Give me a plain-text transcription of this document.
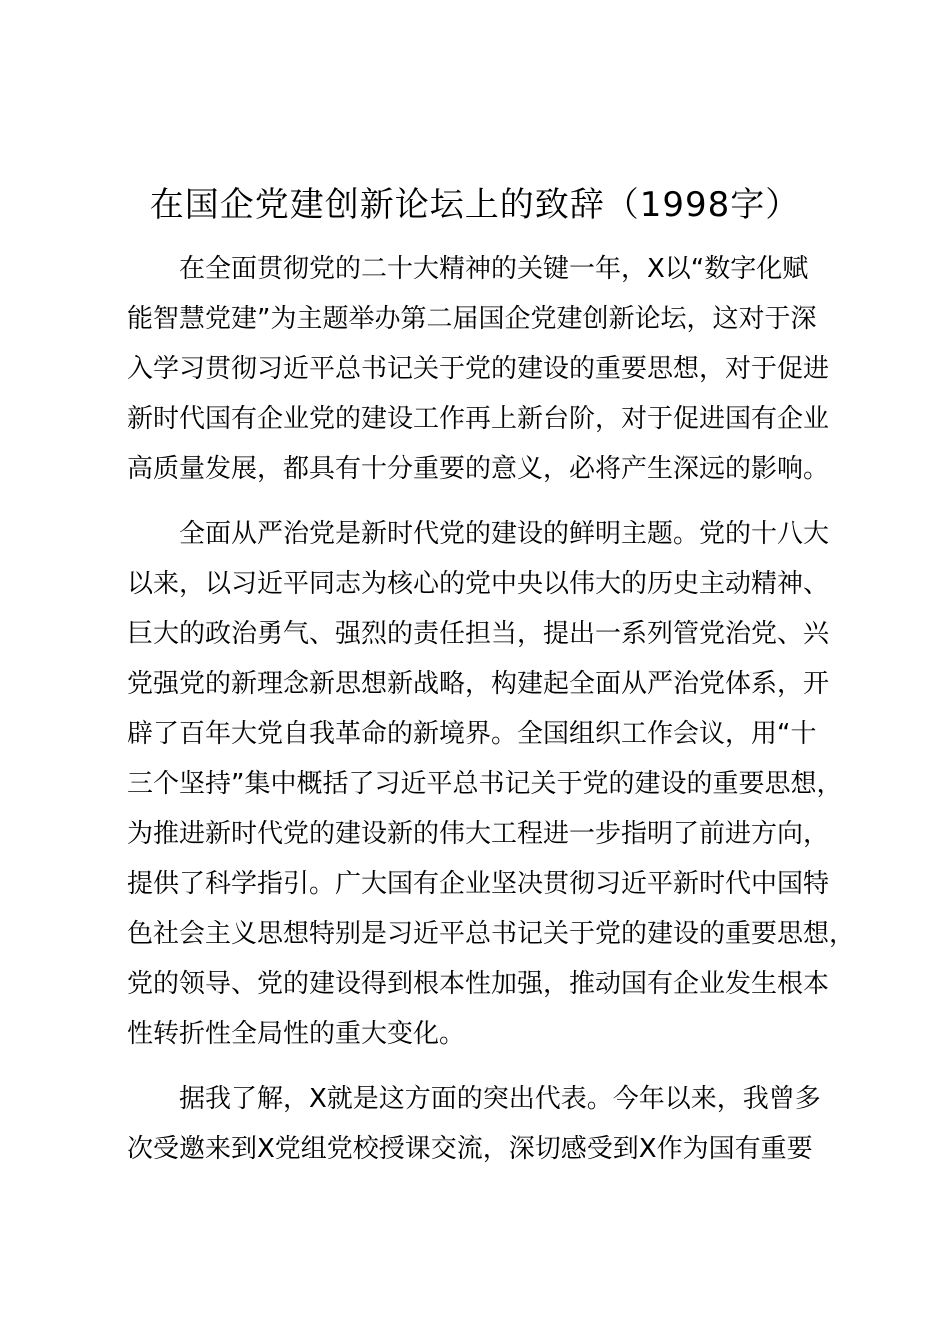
在国企党建创新论坛上的致辞（1998字）

　　在全面贯彻党的二十大精神的关键一年，X以“数字化赋

能智慧党建”为主题举办第二届国企党建创新论坛，这对于深

入学习贯彻习近平总书记关于党的建设的重要思想，对于促进

新时代国有企业党的建设工作再上新台阶，对于促进国有企业

高质量发展，都具有十分重要的意义，必将产生深远的影响。

　　全面从严治党是新时代党的建设的鲜明主题。党的十八大

以来，以习近平同志为核心的党中央以伟大的历史主动精神、

巨大的政治勇气、强烈的责任担当，提出一系列管党治党、兴

党强党的新理念新思想新战略，构建起全面从严治党体系，开

辟了百年大党自我革命的新境界。全国组织工作会议，用“十

三个坚持”集中概括了习近平总书记关于党的建设的重要思想，

为推进新时代党的建设新的伟大工程进一步指明了前进方向，

提供了科学指引。广大国有企业坚决贯彻习近平新时代中国特

色社会主义思想特别是习近平总书记关于党的建设的重要思想，

党的领导、党的建设得到根本性加强，推动国有企业发生根本

性转折性全局性的重大变化。

　　据我了解，X就是这方面的突出代表。今年以来，我曾多

次受邀来到X党组党校授课交流，深切感受到X作为国有重要
